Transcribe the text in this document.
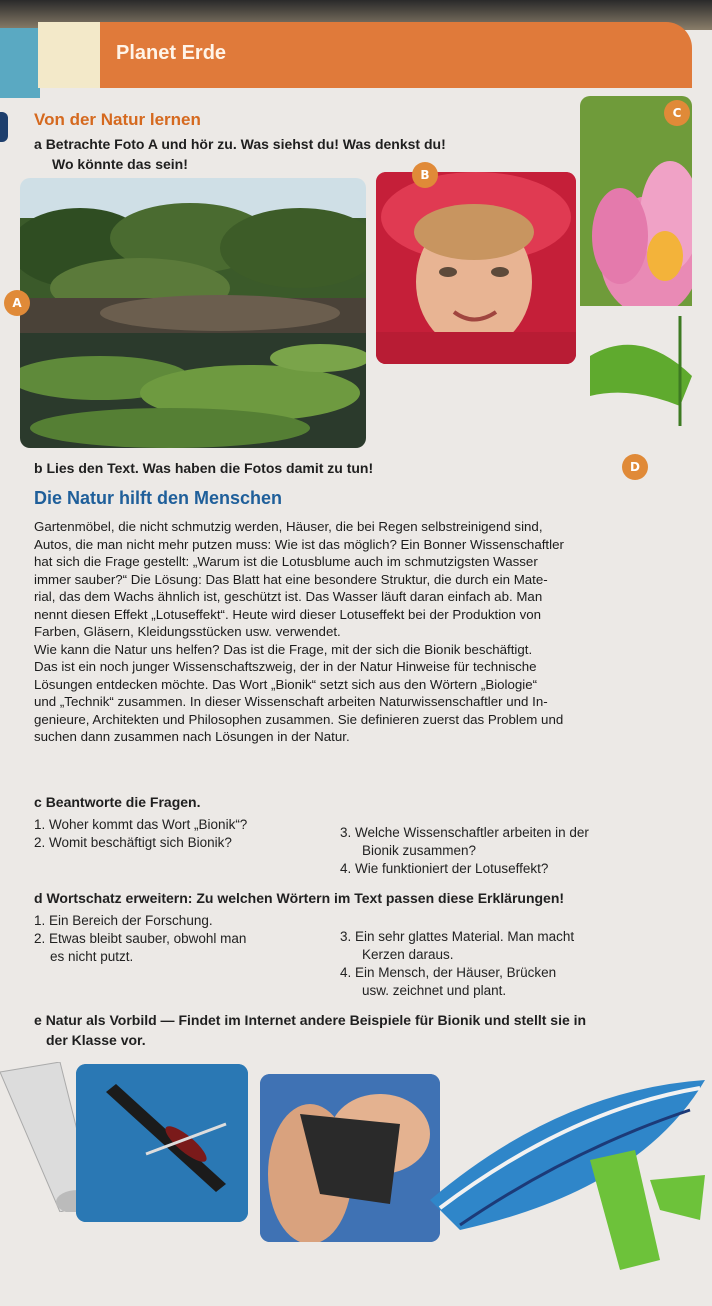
Planet Erde
Von der Natur lernen
a Betrachte Foto A und hör zu. Was siehst du! Was denkst du!
Wo könnte das sein!
A
B
C
D
b Lies den Text. Was haben die Fotos damit zu tun!
Die Natur hilft den Menschen

Gartenmöbel, die nicht schmutzig werden, Häuser, die bei Regen selbstreinigend sind,

Autos, die man nicht mehr putzen muss: Wie ist das möglich? Ein Bonner Wissenschaftler

hat sich die Frage gestellt: „Warum ist die Lotusblume auch im schmutzigsten Wasser

immer sauber?“ Die Lösung: Das Blatt hat eine besondere Struktur, die durch ein Mate-

rial, das dem Wachs ähnlich ist, geschützt ist. Das Wasser läuft daran einfach ab. Man

nennt diesen Effekt „Lotuseffekt“. Heute wird dieser Lotuseffekt bei der Produktion von

Farben, Gläsern, Kleidungsstücken usw. verwendet.

Wie kann die Natur uns helfen? Das ist die Frage, mit der sich die Bionik beschäftigt.

Das ist ein noch junger Wissenschaftszweig, der in der Natur Hinweise für technische

Lösungen entdecken möchte. Das Wort „Bionik“ setzt sich aus den Wörtern „Biologie“

und „Technik“ zusammen. In dieser Wissenschaft arbeiten Naturwissenschaftler und In-

genieure, Architekten und Philosophen zusammen. Sie definieren zuerst das Problem und

suchen dann zusammen nach Lösungen in der Natur.

c Beantworte die Fragen.
1. Woher kommt das Wort „Bionik“?
2. Womit beschäftigt sich Bionik?
3. Welche Wissenschaftler arbeiten in der
Bionik zusammen?
4. Wie funktioniert der Lotuseffekt?
d Wortschatz erweitern: Zu welchen Wörtern im Text passen diese Erklärungen!
1. Ein Bereich der Forschung.
2. Etwas bleibt sauber, obwohl man
es nicht putzt.
3. Ein sehr glattes Material. Man macht
Kerzen daraus.
4. Ein Mensch, der Häuser, Brücken
usw. zeichnet und plant.
e Natur als Vorbild — Findet im Internet andere Beispiele für Bionik und stellt sie in
der Klasse vor.
